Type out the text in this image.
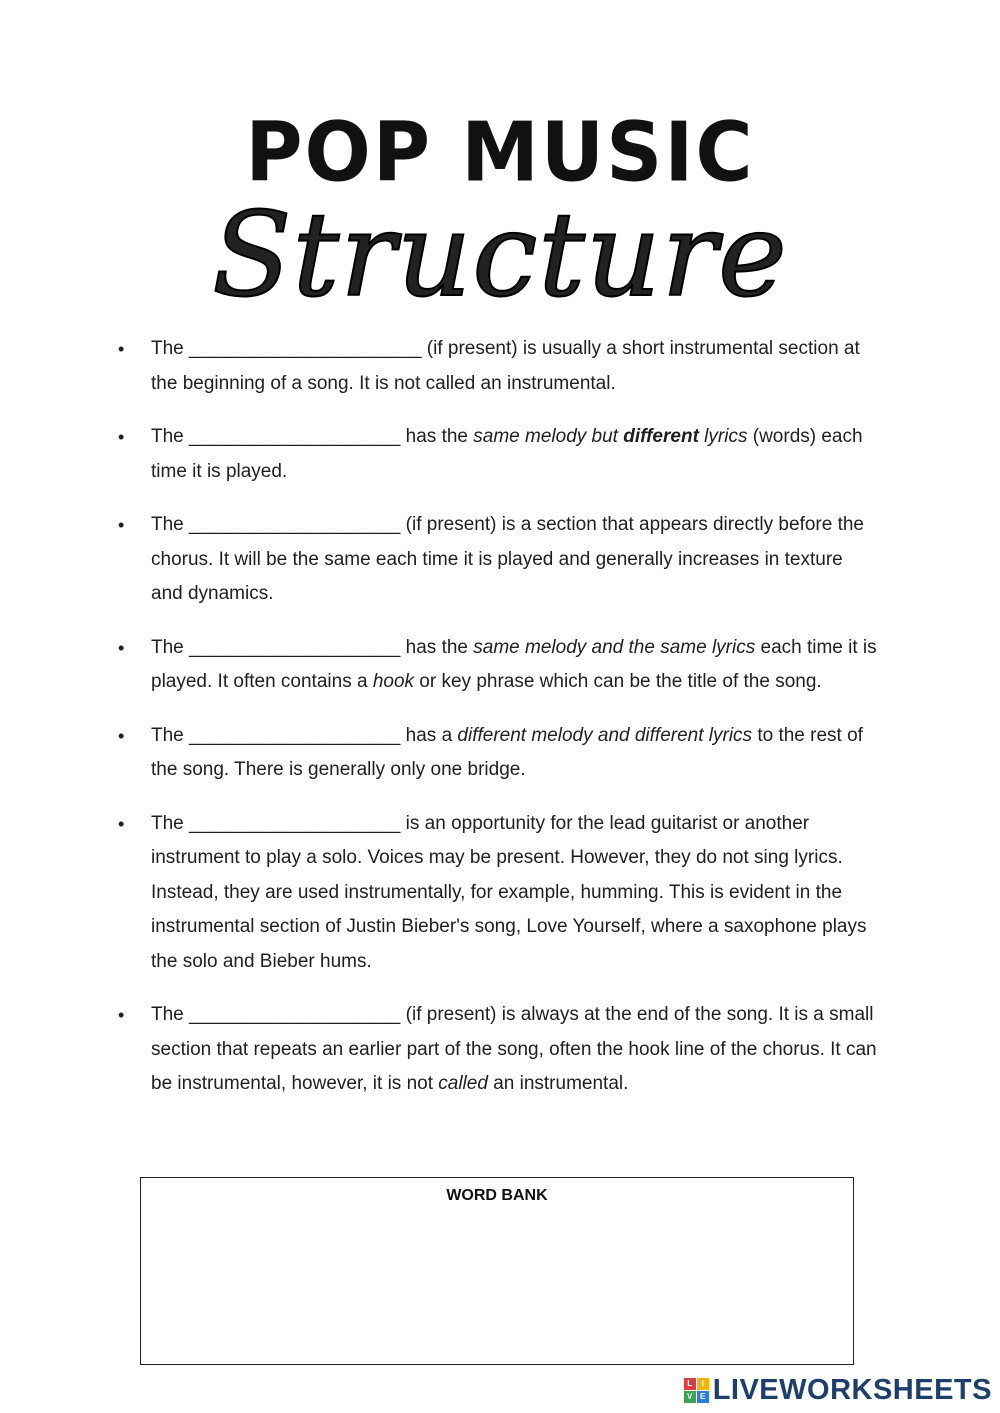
POP MUSIC
Structure
• The ______________________ (if present) is usually a short instrumental section at the beginning of a song. It is not called an instrumental.
• The ____________________ has the same melody but different lyrics (words) each time it is played.
• The ____________________ (if present) is a section that appears directly before the chorus. It will be the same each time it is played and generally increases in texture and dynamics.
• The ____________________ has the same melody and the same lyrics each time it is played. It often contains a hook or key phrase which can be the title of the song.
• The ____________________ has a different melody and different lyrics to the rest of the song. There is generally only one bridge.
• The ____________________ is an opportunity for the lead guitarist or another instrument to play a solo. Voices may be present. However, they do not sing lyrics. Instead, they are used instrumentally, for example, humming. This is evident in the instrumental section of Justin Bieber's song, Love Yourself, where a saxophone plays the solo and Bieber hums.
• The ____________________ (if present) is always at the end of the song. It is a small section that repeats an earlier part of the song, often the hook line of the chorus. It can be instrumental, however, it is not called an instrumental.
WORD BANK
L	I
V E LIVEWORKSHEETS
